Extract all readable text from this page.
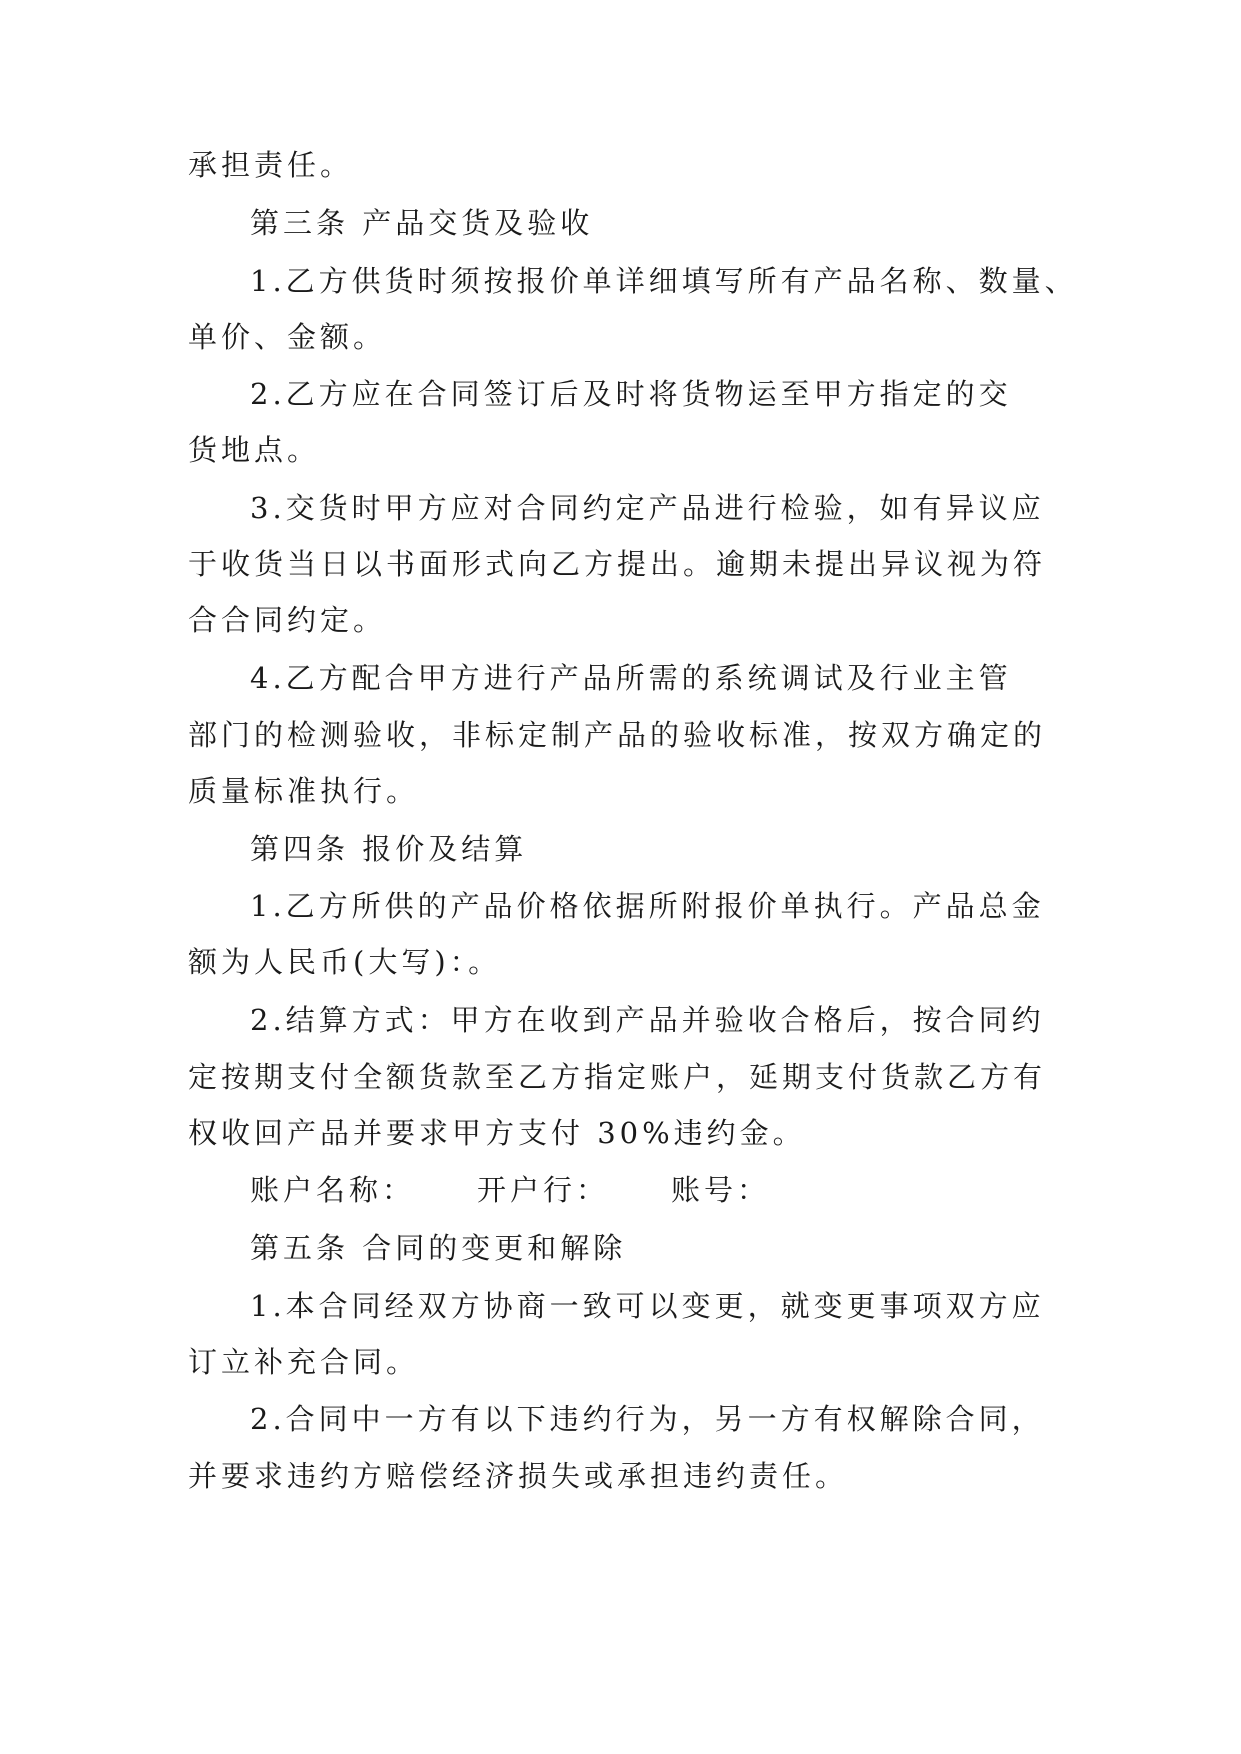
承担责任。
第三条 产品交货及验收
1.乙方供货时须按报价单详细填写所有产品名称、数量、
单价、金额。
2.乙方应在合同签订后及时将货物运至甲方指定的交
货地点。
3.交货时甲方应对合同约定产品进行检验，如有异议应
于收货当日以书面形式向乙方提出。逾期未提出异议视为符
合合同约定。
4.乙方配合甲方进行产品所需的系统调试及行业主管
部门的检测验收，非标定制产品的验收标准，按双方确定的
质量标准执行。
第四条 报价及结算
1.乙方所供的产品价格依据所附报价单执行。产品总金
额为人民币(大写)：。
2.结算方式：甲方在收到产品并验收合格后，按合同约
定按期支付全额货款至乙方指定账户，延期支付货款乙方有
权收回产品并要求甲方支付 30%违约金。
账户名称： 开户行： 账号：
第五条 合同的变更和解除
1.本合同经双方协商一致可以变更，就变更事项双方应
订立补充合同。
2.合同中一方有以下违约行为，另一方有权解除合同，
并要求违约方赔偿经济损失或承担违约责任。
